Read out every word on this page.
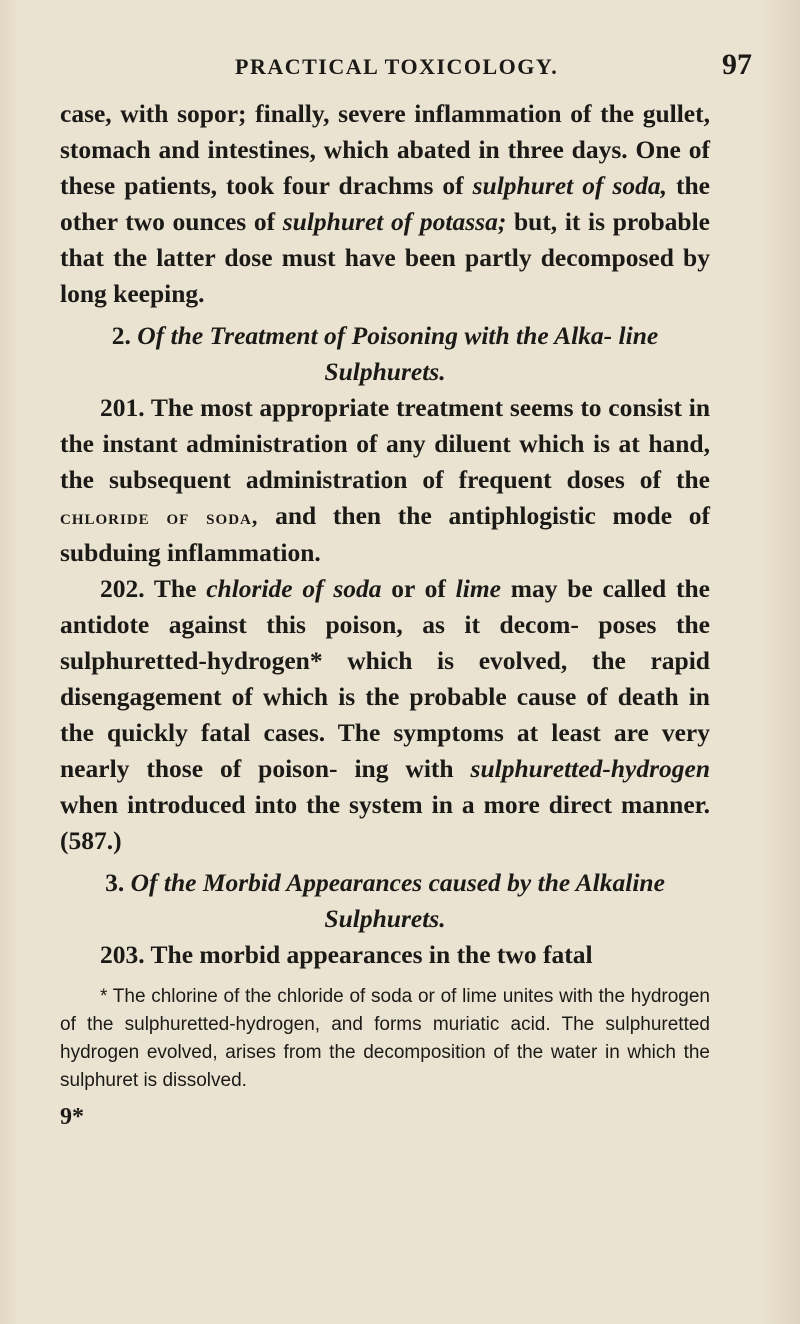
PRACTICAL TOXICOLOGY.	97

case, with sopor; finally, severe inflammation of the gullet, stomach and intestines, which abated in three days. One of these patients, took four drachms of sulphuret of soda, the other two ounces of sulphuret of potassa; but, it is probable that the latter dose must have been partly decomposed by long keeping.

2. Of the Treatment of Poisoning with the Alka- line Sulphurets.

201. The most appropriate treatment seems to consist in the instant administration of any diluent which is at hand, the subsequent administration of frequent doses of the chloride of soda, and then the antiphlogistic mode of subduing inflammation.

202. The chloride of soda or of lime may be called the antidote against this poison, as it decom- poses the sulphuretted-hydrogen* which is evolved, the rapid disengagement of which is the probable cause of death in the quickly fatal cases. The symptoms at least are very nearly those of poison- ing with sulphuretted-hydrogen when introduced into the system in a more direct manner. (587.)

3. Of the Morbid Appearances caused by the Alkaline Sulphurets.

203. The morbid appearances in the two fatal

* The chlorine of the chloride of soda or of lime unites with the hydrogen of the sulphuretted-hydrogen, and forms muriatic acid. The sulphuretted hydrogen evolved, arises from the decomposition of the water in which the sulphuret is dissolved.

9*
